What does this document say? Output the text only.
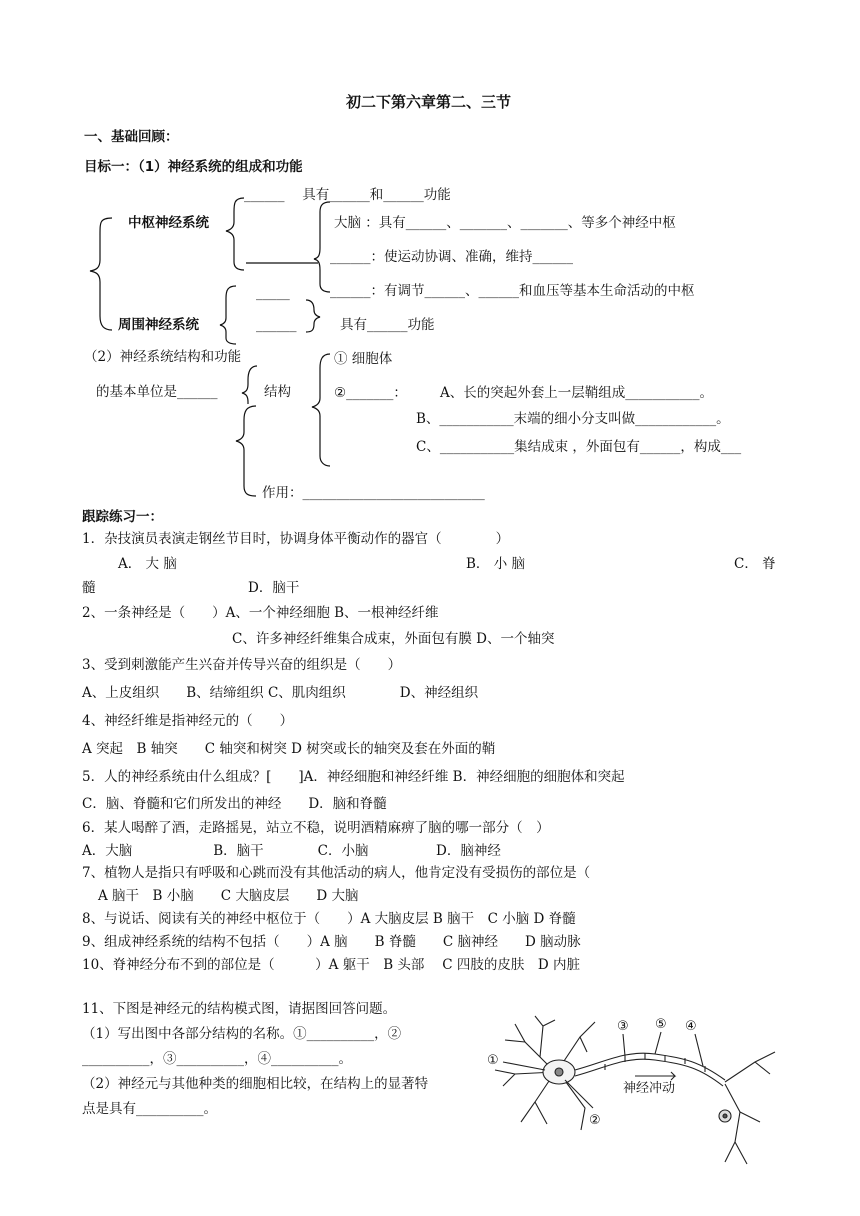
初二下第六章第二、三节
一、基础回顾：
目标一：（1）神经系统的组成和功能
中枢神经系统
周围神经系统
______ 　具有______和______功能
大脑 ：具有______、_______、_______、等多个神经中枢
______：使运动协调、准确，维持______
______：有调节______、______和血压等基本生命活动的中枢
_____
______	具有______功能
（2）神经系统结构和功能
的基本单位是______	结构
① 细胞体
②_______： A、长的突起外套上一层鞘组成___________。
B、___________末端的细小分支叫做____________。
C、___________集结成束 ，外面包有______，构成___
作用：___________________________
跟踪练习一：
1．杂技演员表演走钢丝节目时，协调身体平衡动作的器官（　　　　）
A． 大 脑	B． 小 脑	C． 脊
髓	D．脑干
2、一条神经是（　　）A、一个神经细胞 B、一根神经纤维
C、许多神经纤维集合成束，外面包有膜 D、一个轴突
3、受到刺激能产生兴奋并传导兴奋的组织是（　　）
A、上皮组织　　B、结缔组织 C、肌肉组织　　　　D、神经组织
4、神经纤维是指神经元的（　　）
A 突起　B 轴突　　C 轴突和树突 D 树突或长的轴突及套在外面的鞘
5．人的神经系统由什么组成？[　　]A．神经细胞和神经纤维 B．神经细胞的细胞体和突起
C．脑、脊髓和它们所发出的神经　　D．脑和脊髓
6．某人喝醉了酒，走路摇晃，站立不稳，说明酒精麻痹了脑的哪一部分（　）
A．大脑　　　　　　B．脑干　　　　C．小脑　　　　　D．脑神经
7、植物人是指只有呼吸和心跳而没有其他活动的病人，他肯定没有受损伤的部位是（
A 脑干　B 小脑　　C 大脑皮层　　D 大脑
8、与说话、阅读有关的神经中枢位于（　　）A 大脑皮层 B 脑干　C 小脑 D 脊髓
9、组成神经系统的结构不包括（　　）A 脑　　B 脊髓　　C 脑神经　　D 脑动脉
10、脊神经分布不到的部位是（　　　）A 躯干　B 头部　 C 四肢的皮肤　D 内脏
11、下图是神经元的结构模式图，请据图回答问题。
（1）写出图中各部分结构的名称。①__________，②
__________，③__________，④__________。
（2）神经元与其他种类的细胞相比较，在结构上的显著特
点是具有__________。
①
②
③	④
⑤
神经冲动
